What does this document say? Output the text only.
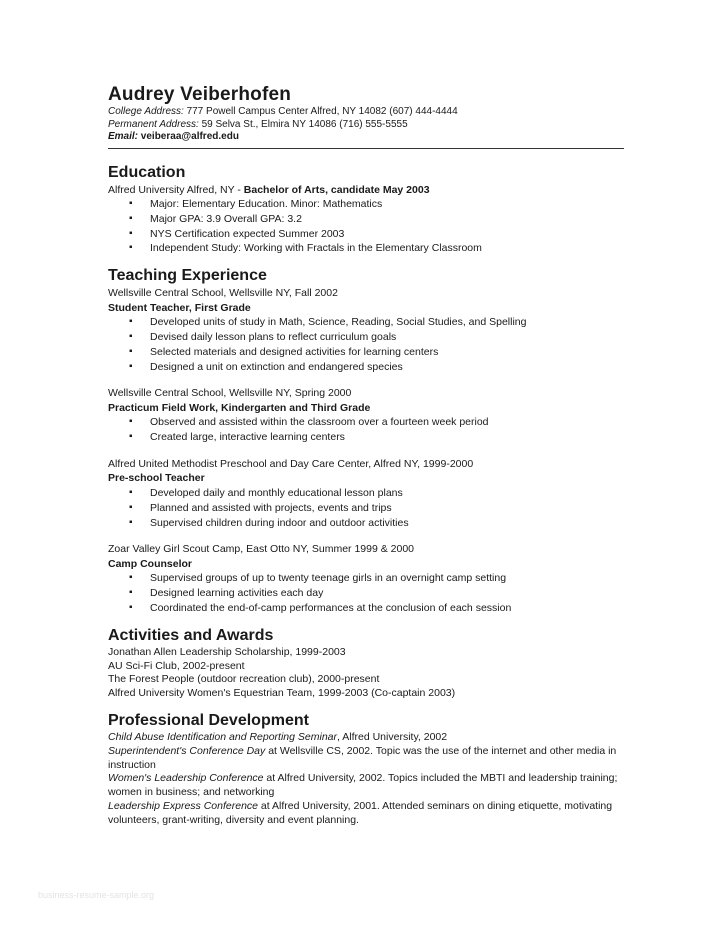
Audrey Veiberhofen
College Address: 777 Powell Campus Center Alfred, NY 14082 (607) 444-4444
Permanent Address: 59 Selva St., Elmira NY 14086 (716) 555-5555
Email: veiberaa@alfred.edu
Education
Alfred University Alfred, NY - Bachelor of Arts, candidate May 2003
▪ Major: Elementary Education. Minor: Mathematics
▪ Major GPA: 3.9 Overall GPA: 3.2
▪ NYS Certification expected Summer 2003
▪ Independent Study: Working with Fractals in the Elementary Classroom
Teaching Experience
Wellsville Central School, Wellsville NY, Fall 2002
Student Teacher, First Grade
▪ Developed units of study in Math, Science, Reading, Social Studies, and Spelling
▪ Devised daily lesson plans to reflect curriculum goals
▪ Selected materials and designed activities for learning centers
▪ Designed a unit on extinction and endangered species
Wellsville Central School, Wellsville NY, Spring 2000
Practicum Field Work, Kindergarten and Third Grade
▪ Observed and assisted within the classroom over a fourteen week period
▪ Created large, interactive learning centers
Alfred United Methodist Preschool and Day Care Center, Alfred NY, 1999-2000
Pre-school Teacher
▪ Developed daily and monthly educational lesson plans
▪ Planned and assisted with projects, events and trips
▪ Supervised children during indoor and outdoor activities
Zoar Valley Girl Scout Camp, East Otto NY, Summer 1999 & 2000
Camp Counselor
▪ Supervised groups of up to twenty teenage girls in an overnight camp setting
▪ Designed learning activities each day
▪ Coordinated the end-of-camp performances at the conclusion of each session
Activities and Awards
Jonathan Allen Leadership Scholarship, 1999-2003
AU Sci-Fi Club, 2002-present
The Forest People (outdoor recreation club), 2000-present
Alfred University Women's Equestrian Team, 1999-2003 (Co-captain 2003)
Professional Development
Child Abuse Identification and Reporting Seminar, Alfred University, 2002
Superintendent's Conference Day at Wellsville CS, 2002. Topic was the use of the internet and other media in instruction
Women's Leadership Conference at Alfred University, 2002. Topics included the MBTI and leadership training; women in business; and networking
Leadership Express Conference at Alfred University, 2001. Attended seminars on dining etiquette, motivating volunteers, grant-writing, diversity and event planning.
business-resume-sample.org
